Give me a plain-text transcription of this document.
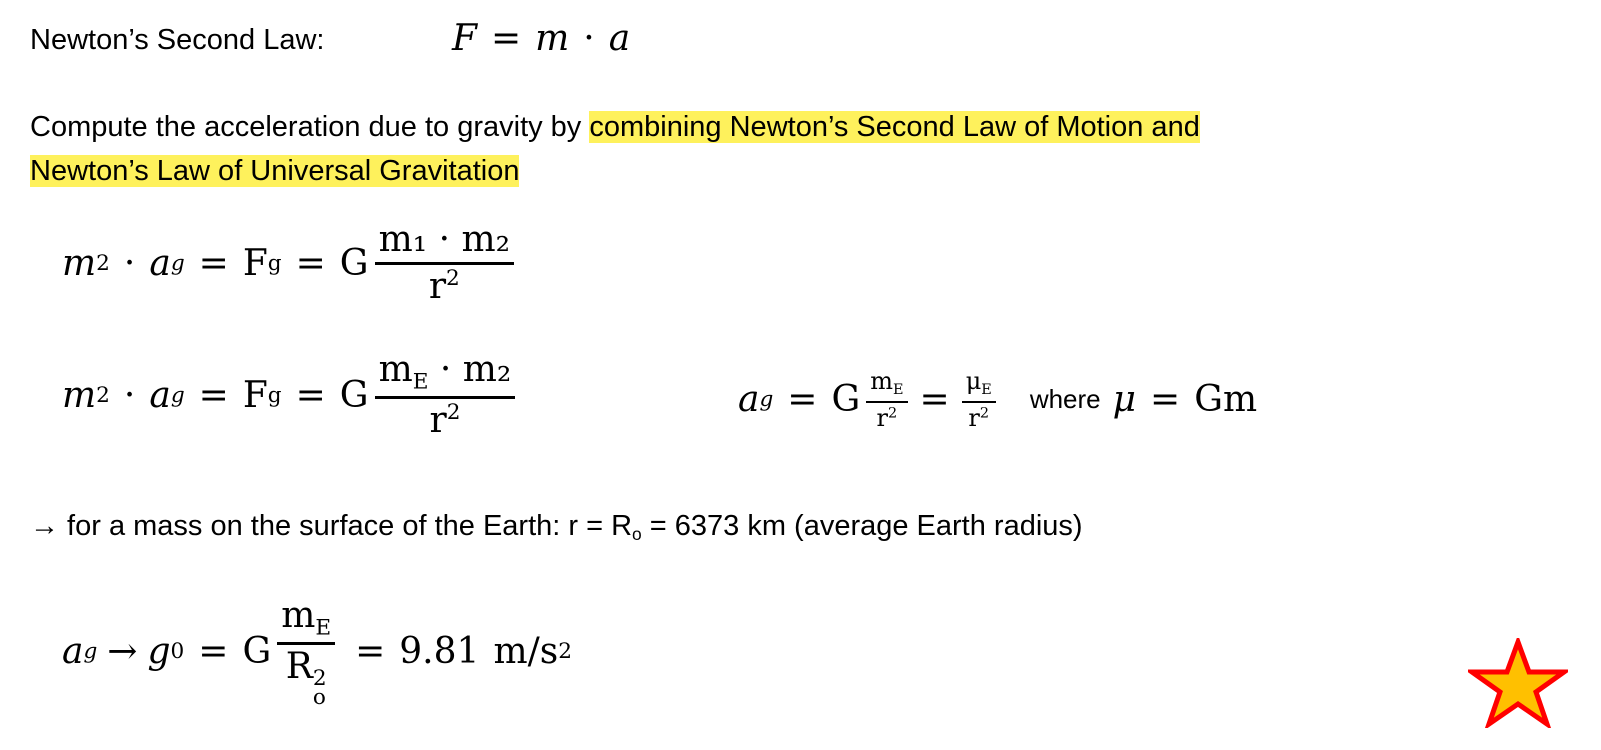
Newton’s Second Law:	F = m · a
Compute the acceleration due to gravity by combining Newton’s Second Law of Motion and
Newton’s Law of Universal Gravitation
m 2 · a g = F g = G $\frac{\text{m₁ · m₂}}{r^2}$
m 2 · a g = F g = G $\frac{m_E \cdot m_2}{r^2}$	a g = G $\frac{m_E}{r^2} = \frac{\mu_E}{r^2}$ where μ = Gm
→ for a mass on the surface of the Earth: r = Ro = 6373 km (average Earth radius)
a g → g 0 = G $m_E$
R 2
o = 9.81 m/s 2
